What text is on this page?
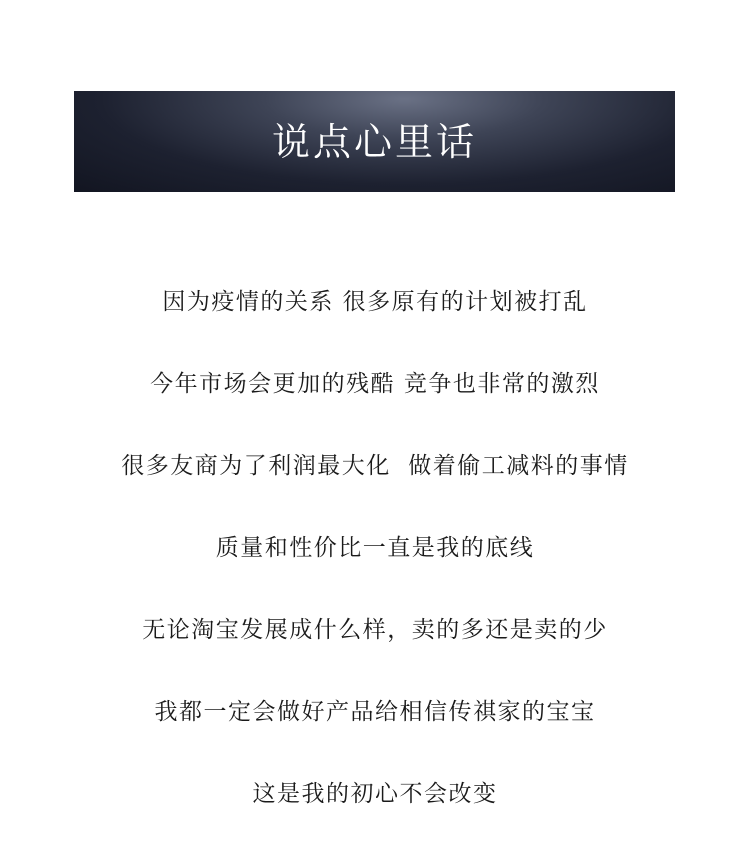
说点心里话
因为疫情的关系 很多原有的计划被打乱
今年市场会更加的残酷 竞争也非常的激烈
很多友商为了利润最大化  做着偷工减料的事情
质量和性价比一直是我的底线
无论淘宝发展成什么样，卖的多还是卖的少
我都一定会做好产品给相信传祺家的宝宝
这是我的初心不会改变
